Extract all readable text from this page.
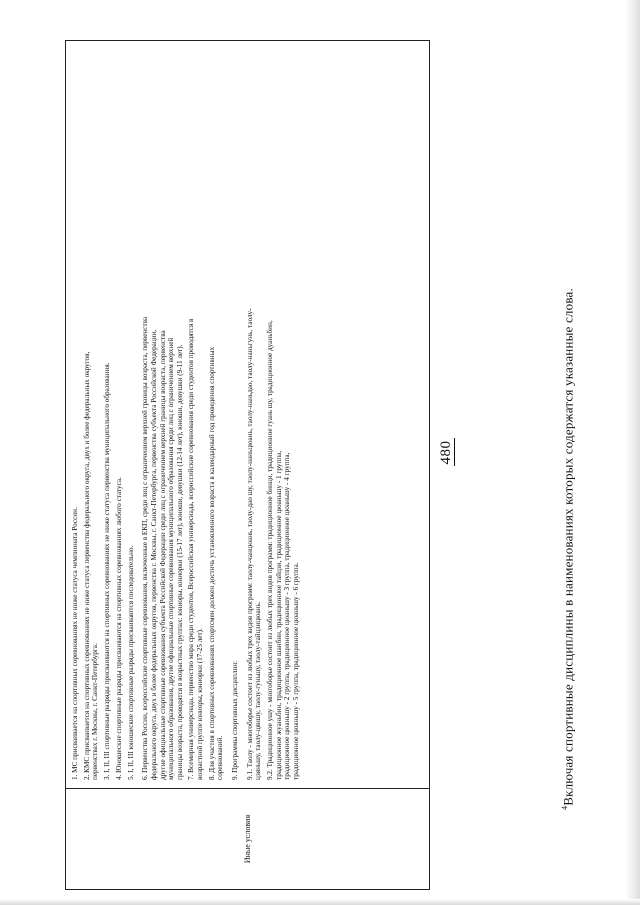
Иные условия
1. МС присваивается на спортивных соревнованиях не ниже статуса чемпионата России. 2. КМС присваивается на спортивных соревнованиях не ниже статуса первенства федерального округа, двух и более федеральных округов, первенствах г. Москвы, г. Санкт-Петербурга. 3. I, II, III спортивные разряды присваиваются на спортивных соревнованиях не ниже статуса первенства муниципального образования. 4. Юношеские спортивные разряды присваиваются на спортивных соревнованиях любого статуса. 5. I, II, III юношеские спортивные разряды присваиваются последовательно. 6. Первенства России, всероссийские спортивные соревнования, включенные в ЕКП, среди лиц с ограничением верхней границы возраста, первенства федерального округа, двух и более федеральных округов, первенства г. Москвы, г. Санкт-Петербурга, первенства субъекта Российской Федерации, другие официальные спортивные соревнования субъекта Российской Федерации среди лиц с ограничением верхней границы возраста, первенства муниципального образования, другие официальные спортивные соревнования муниципального образования среди лиц с ограничением верхней границы возраста, проводятся в возрастных группах: юниоры, юниорки (15-17 лет), юноши, девушки (12-14 лет), юноши, девушки (9-11 лет). 7. Всемирная универсиада, первенство мира среди студентов, Всероссийская универсиада, всероссийские соревнования среди студентов проводятся в возрастной группе юниоры, юниорки (17-25 лет). 8. Для участия в спортивных соревнованиях спортсмен должен достичь установленного возраста в календарный год проведения спортивных соревнований. 9. Программы спортивных дисциплин: 9.1. Таолу - многоборье состоит из любых трех видов программ: таолу-чанцюань, таолу-дао шу, таолу-наньцюань, таолу-наньдао, таолу-наньгунь, таолу- цзяньшу, таолу-цяншу, таолу-гуньшу, таолу-тайцзицюань. 9.2. Традиционное ушу - многоборье состоит из любых трех видов программ: традиционное бинци, традиционное гуань шу, традиционное дуаньбин, традиционное жуаньбин, традиционное шанбин, традиционное тайцзи, традиционное цюаньшу - 1 группа, традиционное цюаньшу - 2 группа, традиционное цюаньшу - 3 группа, традиционное цюаньшу - 4 группа, традиционное цюаньшу - 5 группа, традиционное цюаньшу - 6 группа.
480
$^4$Включая спортивные дисциплины в наименованиях которых содержатся указанные слова.
